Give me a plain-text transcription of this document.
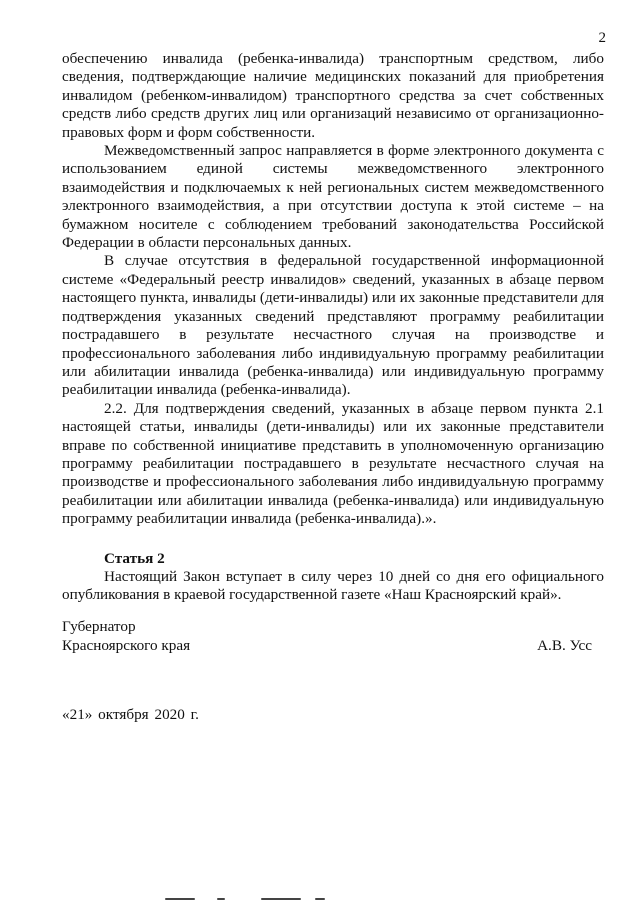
2

обеспечению инвалида (ребенка-инвалида) транспортным средством, либо сведения, подтверждающие наличие медицинских показаний для приобретения инвалидом (ребенком-инвалидом) транспортного средства за счет собственных средств либо средств других лиц или организаций независимо от организационно-правовых форм и форм собственности.

Межведомственный запрос направляется в форме электронного документа с использованием единой системы межведомственного электронного взаимодействия и подключаемых к ней региональных систем межведомственного электронного взаимодействия, а при отсутствии доступа к этой системе – на бумажном носителе с соблюдением требований законодательства Российской Федерации в области персональных данных.

В случае отсутствия в федеральной государственной информационной системе «Федеральный реестр инвалидов» сведений, указанных в абзаце первом настоящего пункта, инвалиды (дети-инвалиды) или их законные представители для подтверждения указанных сведений представляют программу реабилитации пострадавшего в результате несчастного случая на производстве и профессионального заболевания либо индивидуальную программу реабилитации или абилитации инвалида (ребенка-инвалида) или индивидуальную программу реабилитации инвалида (ребенка-инвалида).

2.2. Для подтверждения сведений, указанных в абзаце первом пункта 2.1 настоящей статьи, инвалиды (дети-инвалиды) или их законные представители вправе по собственной инициативе представить в уполномоченную организацию программу реабилитации пострадавшего в результате несчастного случая на производстве и профессионального заболевания либо индивидуальную программу реабилитации или абилитации инвалида (ребенка-инвалида) или индивидуальную программу реабилитации инвалида (ребенка-инвалида).».

Статья 2

Настоящий Закон вступает в силу через 10 дней со дня его официального опубликования в краевой государственной газете «Наш Красноярский край».

Губернатор
Красноярского края	А.В. Усс
«21» октября 2020 г.
